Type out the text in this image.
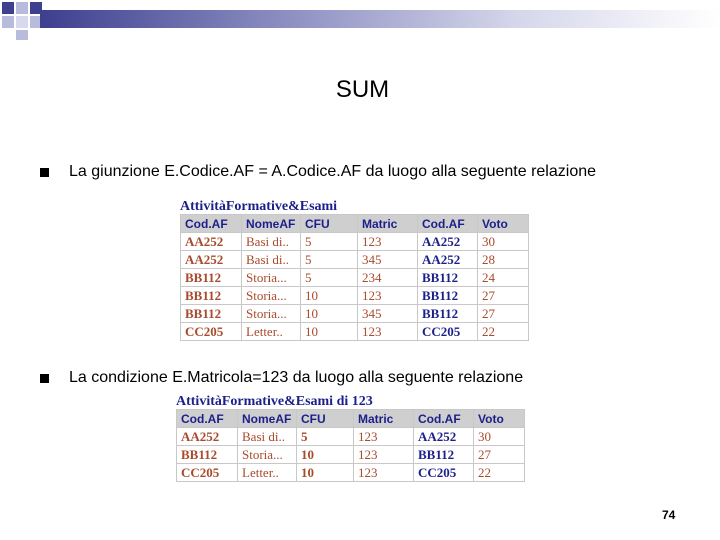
SUM
La giunzione E.Codice.AF = A.Codice.AF da luogo alla seguente relazione
AttivitàFormative&Esami
Cod.AF	NomeAF	CFU	Matric	Cod.AF	Voto
AA252	Basi di..	5	123	AA252	30
AA252	Basi di..	5	345	AA252	28
BB112	Storia...	5	234	BB112	24
BB112	Storia...	10	123	BB112	27
BB112	Storia...	10	345	BB112	27
CC205	Letter..	10	123	CC205	22
La condizione E.Matricola=123 da luogo alla seguente relazione
AttivitàFormative&Esami di 123
Cod.AF	NomeAF	CFU	Matric	Cod.AF	Voto
AA252	Basi di..	5	123	AA252	30
BB112	Storia...	10	123	BB112	27
CC205	Letter..	10	123	CC205	22
74
